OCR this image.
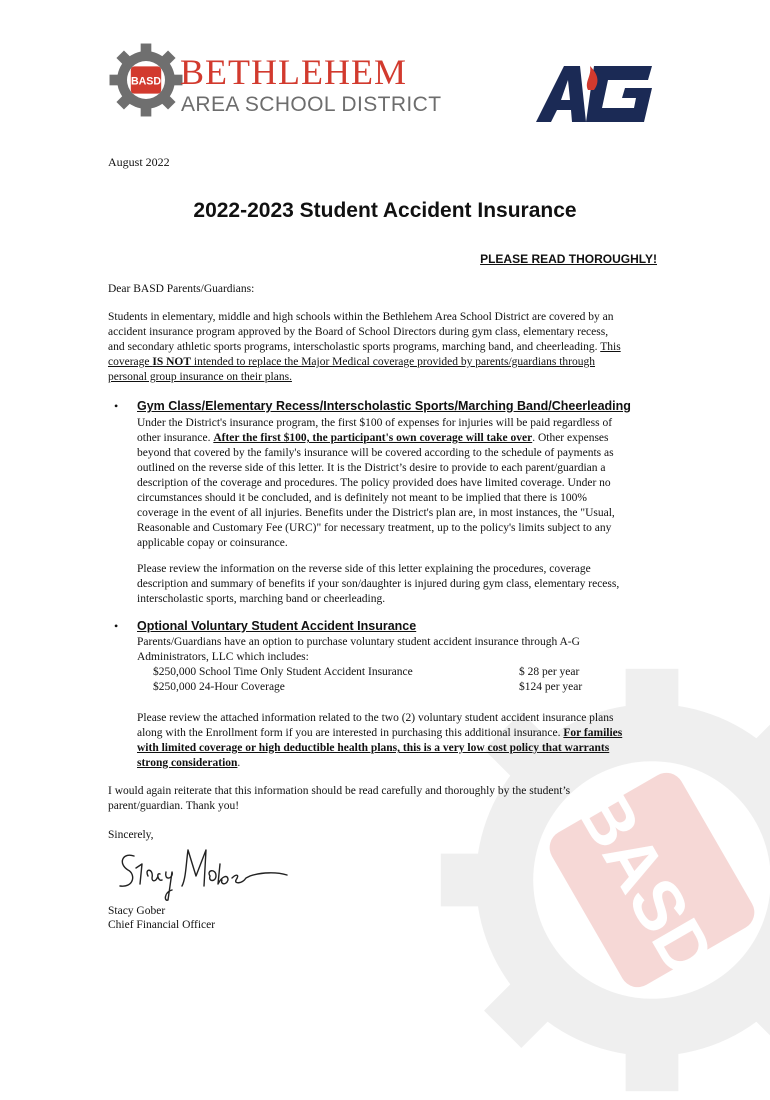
BASD
BASD BETHLEHEM
AREA SCHOOL DISTRICT
August 2022
2022-2023 Student Accident Insurance
PLEASE READ THOROUGHLY!
Dear BASD Parents/Guardians:
Students in elementary, middle and high schools within the Bethlehem Area School District are covered by an
accident insurance program approved by the Board of School Directors during gym class, elementary recess,
and secondary athletic sports programs, interscholastic sports programs, marching band, and cheerleading. This
coverage IS NOT intended to replace the Major Medical coverage provided by parents/guardians through
personal group insurance on their plans.
• Gym Class/Elementary Recess/Interscholastic Sports/Marching Band/Cheerleading
Under the District's insurance program, the first $100 of expenses for injuries will be paid regardless of
other insurance. After the first $100, the participant's own coverage will take over. Other expenses
beyond that covered by the family's insurance will be covered according to the schedule of payments as
outlined on the reverse side of this letter. It is the District’s desire to provide to each parent/guardian a
description of the coverage and procedures. The policy provided does have limited coverage. Under no
circumstances should it be concluded, and is definitely not meant to be implied that there is 100%
coverage in the event of all injuries. Benefits under the District's plan are, in most instances, the "Usual,
Reasonable and Customary Fee (URC)" for necessary treatment, up to the policy's limits subject to any
applicable copay or coinsurance.
Please review the information on the reverse side of this letter explaining the procedures, coverage
description and summary of benefits if your son/daughter is injured during gym class, elementary recess,
interscholastic sports, marching band or cheerleading.
• Optional Voluntary Student Accident Insurance
Parents/Guardians have an option to purchase voluntary student accident insurance through A-G
Administrators, LLC which includes:
$250,000 School Time Only Student Accident Insurance	$ 28 per year
$250,000 24-Hour Coverage	$124 per year
Please review the attached information related to the two (2) voluntary student accident insurance plans
along with the Enrollment form if you are interested in purchasing this additional insurance. For families
with limited coverage or high deductible health plans, this is a very low cost policy that warrants
strong consideration.
I would again reiterate that this information should be read carefully and thoroughly by the student’s
parent/guardian. Thank you!
Sincerely,
Stacy Gober
Chief Financial Officer
